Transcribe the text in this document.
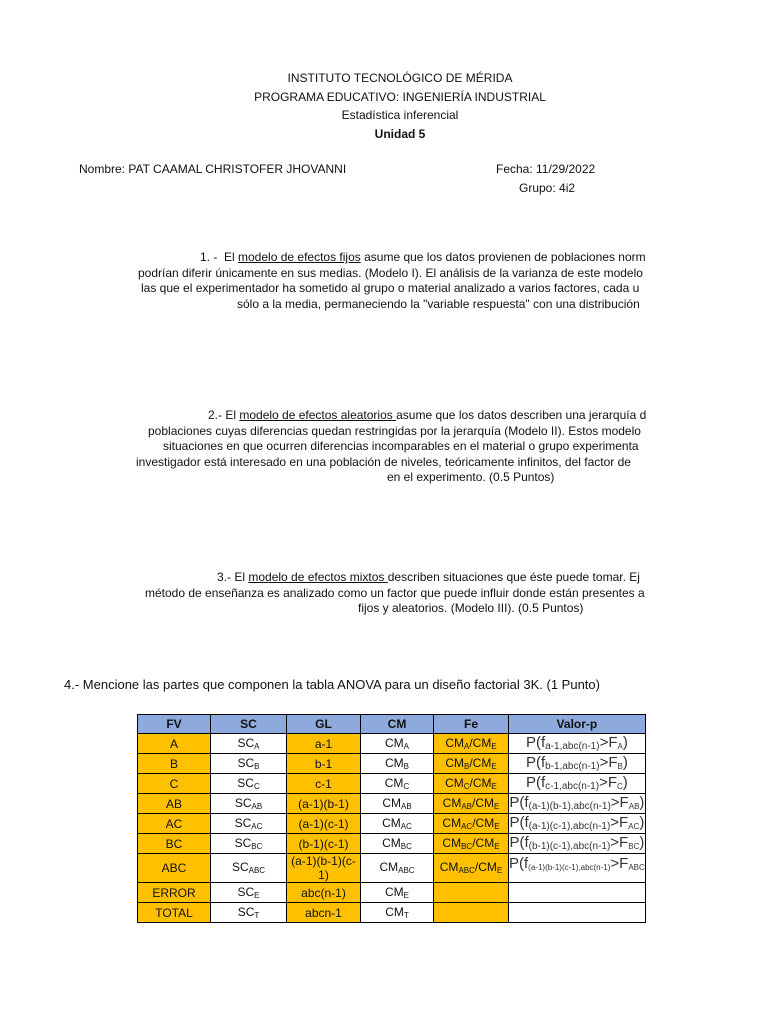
INSTITUTO TECNOLÓGICO DE MÉRIDA
PROGRAMA EDUCATIVO: INGENIERÍA INDUSTRIAL
Estadística inferencial
Unidad 5
Nombre: PAT CAAMAL CHRISTOFER JHOVANNI	Fecha: 11/29/2022
Grupo: 4i2
1. -  El modelo de efectos fijos asume que los datos provienen de poblaciones norm
podrían diferir únicamente en sus medias. (Modelo I). El análisis de la varianza de este modelo
las que el experimentador ha sometido al grupo o material analizado a varios factores, cada u
sólo a la media, permaneciendo la "variable respuesta" con una distribución
2.- El modelo de efectos aleatorios asume que los datos describen una jerarquía d
poblaciones cuyas diferencias quedan restringidas por la jerarquía (Modelo II). Estos modelo
situaciones en que ocurren diferencias incomparables en el material o grupo experimenta
investigador está interesado en una población de niveles, teóricamente infinitos, del factor de
en el experimento. (0.5 Puntos)
3.- El modelo de efectos mixtos describen situaciones que éste puede tomar. Ej
método de enseñanza es analizado como un factor que puede influir donde están presentes a
fijos y aleatorios. (Modelo III). (0.5 Puntos)
4.- Mencione las partes que componen la tabla ANOVA para un diseño factorial 3K. (1 Punto)
FV	SC	GL	CM	Fe	Valor-p
A	$SC_A$	a-1	$CM_A$	$CM_A/CM_E$	$P(f_{a-1,abc(n-1)}>F_A)$
B	$SC_B$	b-1	$CM_B$	$CM_B/CM_E$	$P(f_{b-1,abc(n-1)}>F_B)$
C	$SC_C$	c-1	$CM_C$	$CM_C/CM_E$	$P(f_{c-1,abc(n-1)}>F_C)$
AB	$SC_{AB}$	(a-1)(b-1)	$CM_{AB}$	$CM_{AB}/CM_E$	$P(f_{(a-1)(b-1),abc(n-1)}>F_{AB})$
AC	$SC_{AC}$	(a-1)(c-1)	$CM_{AC}$	$CM_{AC}/CM_E$	$P(f_{(a-1)(c-1),abc(n-1)}>F_{AC})$
BC	$SC_{BC}$	(b-1)(c-1)	$CM_{BC}$	$CM_{BC}/CM_E$	$P(f_{(b-1)(c-1),abc(n-1)}>F_{BC})$
ABC	$SC_{ABC}$	(a-1)(b-1)(c-1)	$CM_{ABC}$	$CM_{ABC}/CM_E$	$P(f_{(a-1)(b-1)(c-1),abc(n-1)}>F_{ABC}$
ERROR	$SC_E$	abc(n-1)	$CM_E$		
TOTAL	$SC_T$	abcn-1	$CM_T$		
